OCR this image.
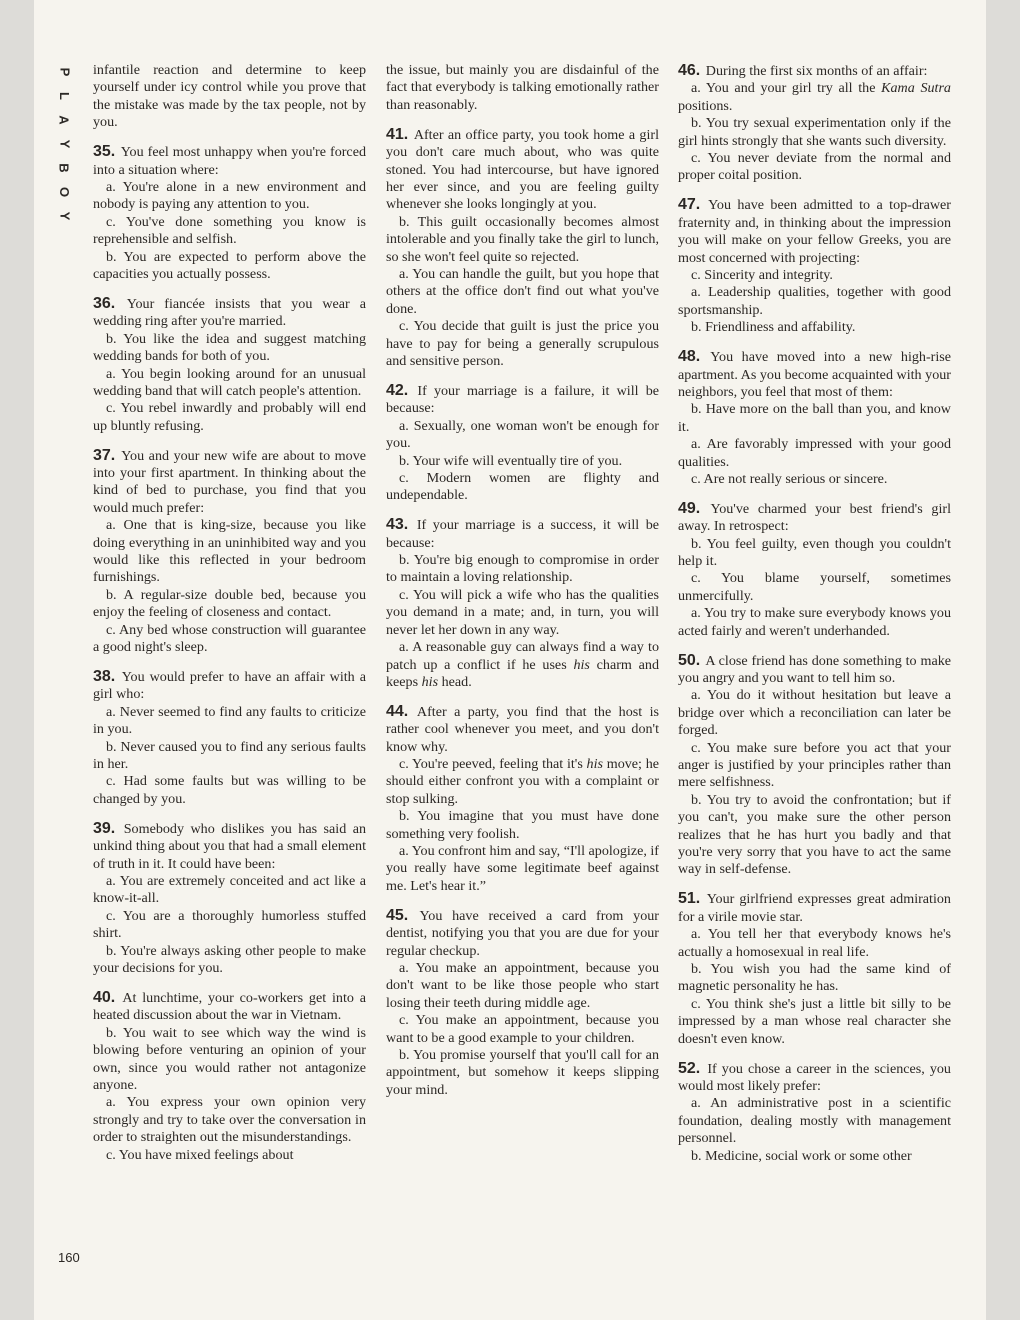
P
L
A
Y
B
O
Y

infantile reaction and determine to keep yourself under icy control while you prove that the mistake was made by the tax people, not by you.

35. You feel most unhappy when you're forced into a situation where:

a. You're alone in a new environment and nobody is paying any attention to you.

c. You've done something you know is reprehensible and selfish.

b. You are expected to perform above the capacities you actually possess.

36. Your fiancée insists that you wear a wedding ring after you're married.

b. You like the idea and suggest matching wedding bands for both of you.

a. You begin looking around for an unusual wedding band that will catch people's attention.

c. You rebel inwardly and probably will end up bluntly refusing.

37. You and your new wife are about to move into your first apartment. In thinking about the kind of bed to purchase, you find that you would much prefer:

a. One that is king-size, because you like doing everything in an uninhibited way and you would like this reflected in your bedroom furnishings.

b. A regular-size double bed, because you enjoy the feeling of closeness and contact.

c. Any bed whose construction will guarantee a good night's sleep.

38. You would prefer to have an affair with a girl who:

a. Never seemed to find any faults to criticize in you.

b. Never caused you to find any serious faults in her.

c. Had some faults but was willing to be changed by you.

39. Somebody who dislikes you has said an unkind thing about you that had a small element of truth in it. It could have been:

a. You are extremely conceited and act like a know-it-all.

c. You are a thoroughly humorless stuffed shirt.

b. You're always asking other people to make your decisions for you.

40. At lunchtime, your co-workers get into a heated discussion about the war in Vietnam.

b. You wait to see which way the wind is blowing before venturing an opinion of your own, since you would rather not antagonize anyone.

a. You express your own opinion very strongly and try to take over the conversation in order to straighten out the misunderstandings.

c. You have mixed feelings about

the issue, but mainly you are disdainful of the fact that everybody is talking emotionally rather than reasonably.

41. After an office party, you took home a girl you don't care much about, who was quite stoned. You had intercourse, but have ignored her ever since, and you are feeling guilty whenever she looks longingly at you.

b. This guilt occasionally becomes almost intolerable and you finally take the girl to lunch, so she won't feel quite so rejected.

a. You can handle the guilt, but you hope that others at the office don't find out what you've done.

c. You decide that guilt is just the price you have to pay for being a generally scrupulous and sensitive person.

42. If your marriage is a failure, it will be because:

a. Sexually, one woman won't be enough for you.

b. Your wife will eventually tire of you.

c. Modern women are flighty and undependable.

43. If your marriage is a success, it will be because:

b. You're big enough to compromise in order to maintain a loving relationship.

c. You will pick a wife who has the qualities you demand in a mate; and, in turn, you will never let her down in any way.

a. A reasonable guy can always find a way to patch up a conflict if he uses his charm and keeps his head.

44. After a party, you find that the host is rather cool whenever you meet, and you don't know why.

c. You're peeved, feeling that it's his move; he should either confront you with a complaint or stop sulking.

b. You imagine that you must have done something very foolish.

a. You confront him and say, “I'll apologize, if you really have some legitimate beef against me. Let's hear it.”

45. You have received a card from your dentist, notifying you that you are due for your regular checkup.

a. You make an appointment, because you don't want to be like those people who start losing their teeth during middle age.

c. You make an appointment, because you want to be a good example to your children.

b. You promise yourself that you'll call for an appointment, but somehow it keeps slipping your mind.

46. During the first six months of an affair:

a. You and your girl try all the Kama Sutra positions.

b. You try sexual experimentation only if the girl hints strongly that she wants such diversity.

c. You never deviate from the normal and proper coital position.

47. You have been admitted to a top-drawer fraternity and, in thinking about the impression you will make on your fellow Greeks, you are most concerned with projecting:

c. Sincerity and integrity.

a. Leadership qualities, together with good sportsmanship.

b. Friendliness and affability.

48. You have moved into a new high-rise apartment. As you become acquainted with your neighbors, you feel that most of them:

b. Have more on the ball than you, and know it.

a. Are favorably impressed with your good qualities.

c. Are not really serious or sincere.

49. You've charmed your best friend's girl away. In retrospect:

b. You feel guilty, even though you couldn't help it.

c. You blame yourself, sometimes unmercifully.

a. You try to make sure everybody knows you acted fairly and weren't underhanded.

50. A close friend has done something to make you angry and you want to tell him so.

a. You do it without hesitation but leave a bridge over which a reconciliation can later be forged.

c. You make sure before you act that your anger is justified by your principles rather than mere selfishness.

b. You try to avoid the confrontation; but if you can't, you make sure the other person realizes that he has hurt you badly and that you're very sorry that you have to act the same way in self-defense.

51. Your girlfriend expresses great admiration for a virile movie star.

a. You tell her that everybody knows he's actually a homosexual in real life.

b. You wish you had the same kind of magnetic personality he has.

c. You think she's just a little bit silly to be impressed by a man whose real character she doesn't even know.

52. If you chose a career in the sciences, you would most likely prefer:

a. An administrative post in a scientific foundation, dealing mostly with management personnel.

b. Medicine, social work or some other

160
